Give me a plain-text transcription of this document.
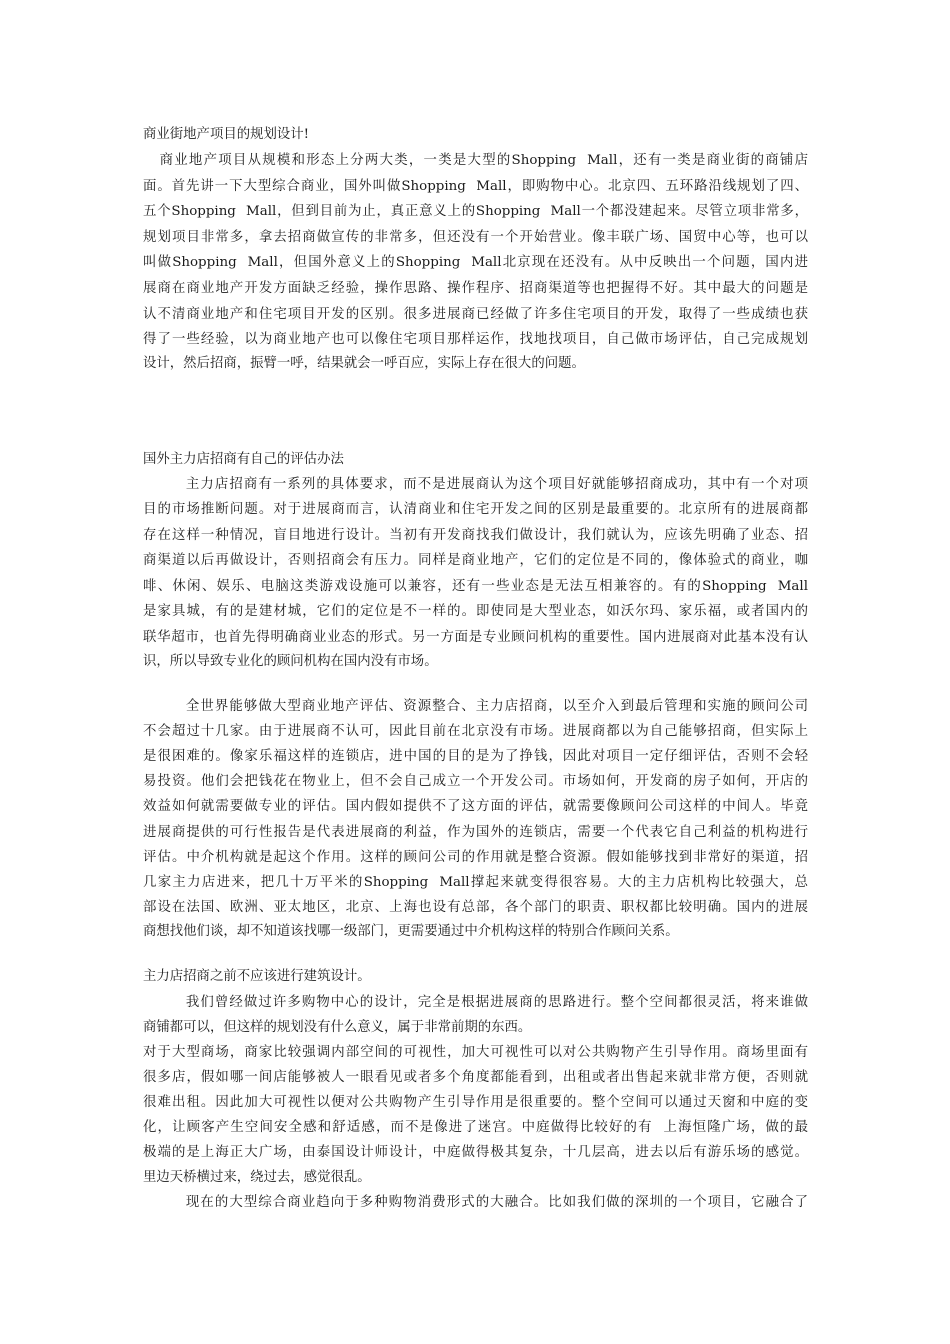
商业街地产项目的规划设计!
商业地产项目从规模和形态上分两大类，一类是大型的Shopping  Mall，还有一类是商业街的商铺店
面。首先讲一下大型综合商业，国外叫做Shopping  Mall，即购物中心。北京四、五环路沿线规划了四、
五个Shopping  Mall，但到目前为止，真正意义上的Shopping  Mall一个都没建起来。尽管立项非常多，
规划项目非常多，拿去招商做宣传的非常多，但还没有一个开始营业。像丰联广场、国贸中心等，也可以
叫做Shopping  Mall，但国外意义上的Shopping  Mall北京现在还没有。从中反映出一个问题，国内进
展商在商业地产开发方面缺乏经验，操作思路、操作程序、招商渠道等也把握得不好。其中最大的问题是
认不清商业地产和住宅项目开发的区别。很多进展商已经做了许多住宅项目的开发，取得了一些成绩也获
得了一些经验，以为商业地产也可以像住宅项目那样运作，找地找项目，自己做市场评估，自己完成规划
设计，然后招商，振臂一呼，结果就会一呼百应，实际上存在很大的问题。
国外主力店招商有自己的评估办法
主力店招商有一系列的具体要求，而不是进展商认为这个项目好就能够招商成功，其中有一个对项
目的市场推断问题。对于进展商而言，认清商业和住宅开发之间的区别是最重要的。北京所有的进展商都
存在这样一种情况，盲目地进行设计。当初有开发商找我们做设计，我们就认为，应该先明确了业态、招
商渠道以后再做设计，否则招商会有压力。同样是商业地产，它们的定位是不同的，像体验式的商业，咖
啡、休闲、娱乐、电脑这类游戏设施可以兼容，还有一些业态是无法互相兼容的。有的Shopping  Mall
是家具城，有的是建材城，它们的定位是不一样的。即使同是大型业态，如沃尔玛、家乐福，或者国内的
联华超市，也首先得明确商业业态的形式。另一方面是专业顾问机构的重要性。国内进展商对此基本没有认
识，所以导致专业化的顾问机构在国内没有市场。
全世界能够做大型商业地产评估、资源整合、主力店招商，以至介入到最后管理和实施的顾问公司
不会超过十几家。由于进展商不认可，因此目前在北京没有市场。进展商都以为自己能够招商，但实际上
是很困难的。像家乐福这样的连锁店，进中国的目的是为了挣钱，因此对项目一定仔细评估，否则不会轻
易投资。他们会把钱花在物业上，但不会自己成立一个开发公司。市场如何，开发商的房子如何，开店的
效益如何就需要做专业的评估。国内假如提供不了这方面的评估，就需要像顾问公司这样的中间人。毕竟
进展商提供的可行性报告是代表进展商的利益，作为国外的连锁店，需要一个代表它自己利益的机构进行
评估。中介机构就是起这个作用。这样的顾问公司的作用就是整合资源。假如能够找到非常好的渠道，招
几家主力店进来，把几十万平米的Shopping  Mall撑起来就变得很容易。大的主力店机构比较强大，总
部设在法国、欧洲、亚太地区，北京、上海也设有总部，各个部门的职责、职权都比较明确。国内的进展
商想找他们谈，却不知道该找哪一级部门，更需要通过中介机构这样的特别合作顾问关系。
主力店招商之前不应该进行建筑设计。
我们曾经做过许多购物中心的设计，完全是根据进展商的思路进行。整个空间都很灵活，将来谁做
商铺都可以，但这样的规划没有什么意义，属于非常前期的东西。
对于大型商场，商家比较强调内部空间的可视性，加大可视性可以对公共购物产生引导作用。商场里面有
很多店，假如哪一间店能够被人一眼看见或者多个角度都能看到，出租或者出售起来就非常方便，否则就
很难出租。因此加大可视性以便对公共购物产生引导作用是很重要的。整个空间可以通过天窗和中庭的变
化，让顾客产生空间安全感和舒适感，而不是像进了迷宫。中庭做得比较好的有  上海恒隆广场，做的最
极端的是上海正大广场，由泰国设计师设计，中庭做得极其复杂，十几层高，进去以后有游乐场的感觉。
里边天桥横过来，绕过去，感觉很乱。
现在的大型综合商业趋向于多种购物消费形式的大融合。比如我们做的深圳的一个项目，它融合了
